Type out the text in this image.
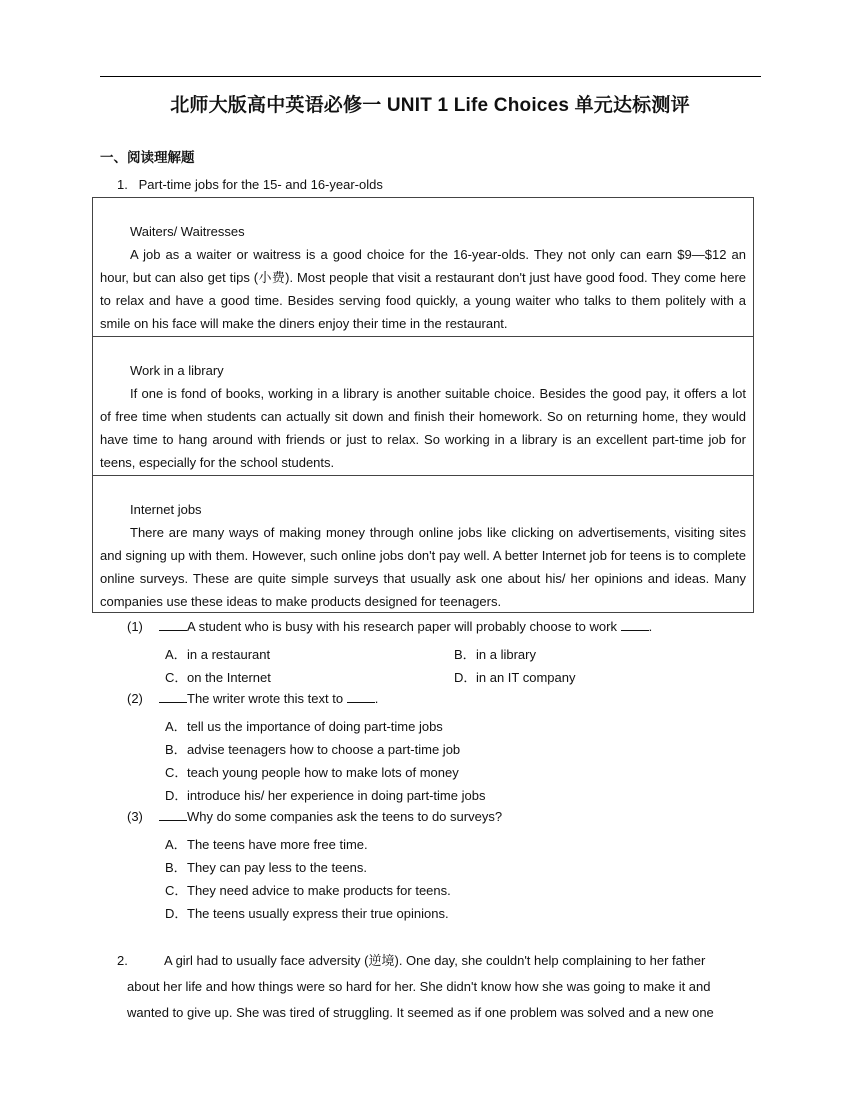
北师大版高中英语必修一 UNIT 1 Life Choices 单元达标测评
一、阅读理解题
1. Part-time jobs for the 15- and 16-year-olds
Waiters/ Waitresses
A job as a waiter or waitress is a good choice for the 16-year-olds. They not only can earn $9—$12 an hour, but can also get tips (小费). Most people that visit a restaurant don't just have good food. They come here to relax and have a good time. Besides serving food quickly, a young waiter who talks to them politely with a smile on his face will make the diners enjoy their time in the restaurant.
Work in a library
If one is fond of books, working in a library is another suitable choice. Besides the good pay, it offers a lot of free time when students can actually sit down and finish their homework. So on returning home, they would have time to hang around with friends or just to relax. So working in a library is an excellent part-time job for teens, especially for the school students.
Internet jobs
There are many ways of making money through online jobs like clicking on advertisements, visiting sites and signing up with them. However, such online jobs don't pay well. A better Internet job for teens is to complete online surveys. These are quite simple surveys that usually ask one about his/ her opinions and ideas. Many companies use these ideas to make products designed for teenagers.
(1)	A student who is busy with his research paper will probably choose to work .
A．in a restaurant	B．in a library
C．on the Internet	D．in an IT company
(2)	The writer wrote this text to .
A．tell us the importance of doing part-time jobs
B．advise teenagers how to choose a part-time job
C．teach young people how to make lots of money
D．introduce his/ her experience in doing part-time jobs
(3)	Why do some companies ask the teens to do surveys?
A．The teens have more free time.
B．They can pay less to the teens.
C．They need advice to make products for teens.
D．The teens usually express their true opinions.
2.	A girl had to usually face adversity (逆境). One day, she couldn't help complaining to her father
about her life and how things were so hard for her. She didn't know how she was going to make it and
wanted to give up. She was tired of struggling. It seemed as if one problem was solved and a new one
